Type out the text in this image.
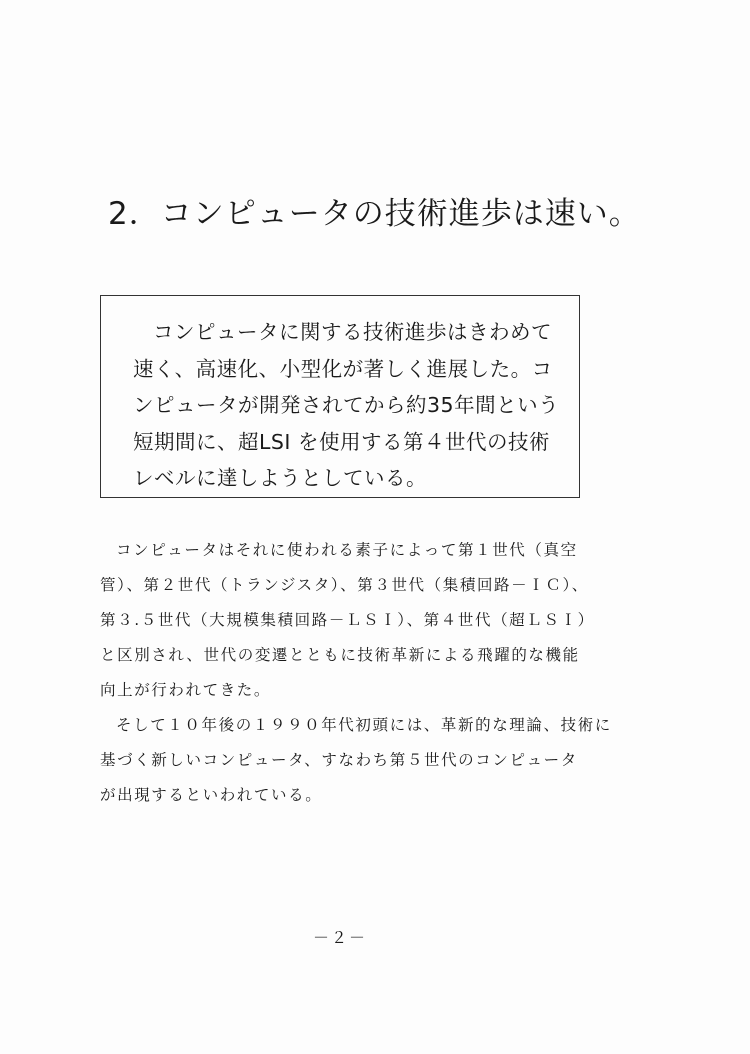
2．コンピュータの技術進歩は速い。

コンピュータに関する技術進歩はきわめて

速く、高速化、小型化が著しく進展した。コ

ンピュータが開発されてから約35年間という

短期間に、超LSI を使用する第４世代の技術

レベルに達しようとしている。

コンピュータはそれに使われる素子によって第１世代（真空

管）、第２世代（トランジスタ）、第３世代（集積回路－ＩＣ）、

第３.５世代（大規模集積回路－ＬＳＩ）、第４世代（超ＬＳＩ）

と区別され、世代の変遷とともに技術革新による飛躍的な機能

向上が行われてきた。

そして１０年後の１９９０年代初頭には、革新的な理論、技術に

基づく新しいコンピュータ、すなわち第５世代のコンピュータ

が出現するといわれている。

－２－
